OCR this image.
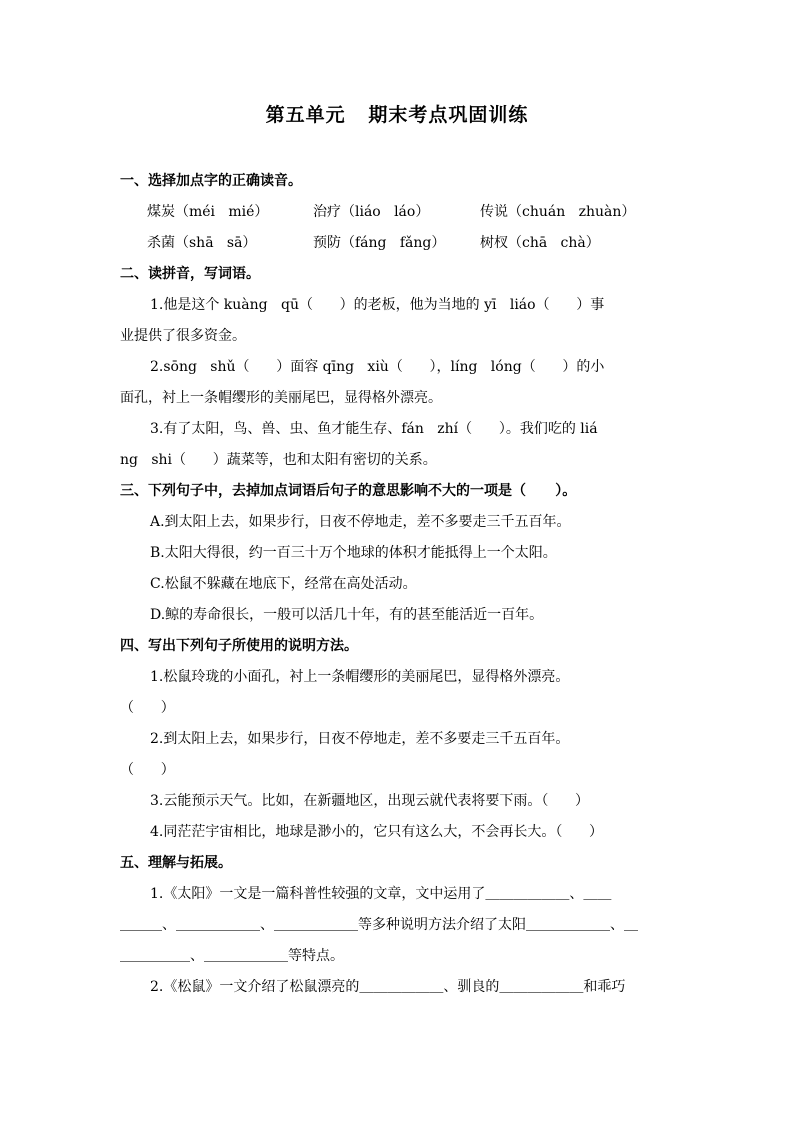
第五单元   期末考点巩固训练
一、选择加点字的正确读音。
煤炭（méi   mié）	治疗（liáo   láo）	传说（chuán   zhuàn）
杀菌（shā   sā）	预防（fáng   fǎng） 树杈（chā   chà）
二、读拼音，写词语。
1.他是这个 kuàng   qū（      ）的老板，他为当地的 yī   liáo（      ）事
业提供了很多资金。
2.sōng   shǔ（      ）面容 qīng   xiù（      ），líng   lóng（      ）的小
面孔，衬上一条帽缨形的美丽尾巴，显得格外漂亮。
3.有了太阳，鸟、兽、虫、鱼才能生存、fán   zhí（      ）。我们吃的 liá
ng   shi（      ）蔬菜等，也和太阳有密切的关系。
三、下列句子中，去掉加点词语后句子的意思影响不大的一项是（      ）。
A.到太阳上去，如果步行，日夜不停地走，差不多要走三千五百年。
B.太阳大得很，约一百三十万个地球的体积才能抵得上一个太阳。
C.松鼠不躲藏在地底下，经常在高处活动。
D.鲸的寿命很长，一般可以活几十年，有的甚至能活近一百年。
四、写出下列句子所使用的说明方法。
1.松鼠玲珑的小面孔，衬上一条帽缨形的美丽尾巴，显得格外漂亮。
（      ）
2.到太阳上去，如果步行，日夜不停地走，差不多要走三千五百年。
（      ）
3.云能预示天气。比如，在新疆地区，出现云就代表将要下雨。（      ）
4.同茫茫宇宙相比，地球是渺小的，它只有这么大，不会再长大。（      ）
五、理解与拓展。
1.《太阳》一文是一篇科普性较强的文章，文中运用了＿＿＿＿＿＿、＿＿
＿＿＿、＿＿＿＿＿＿、＿＿＿＿＿＿等多种说明方法介绍了太阳＿＿＿＿＿＿、＿
＿＿＿＿＿、＿＿＿＿＿＿等特点。
2.《松鼠》一文介绍了松鼠漂亮的＿＿＿＿＿＿、驯良的＿＿＿＿＿＿和乖巧
